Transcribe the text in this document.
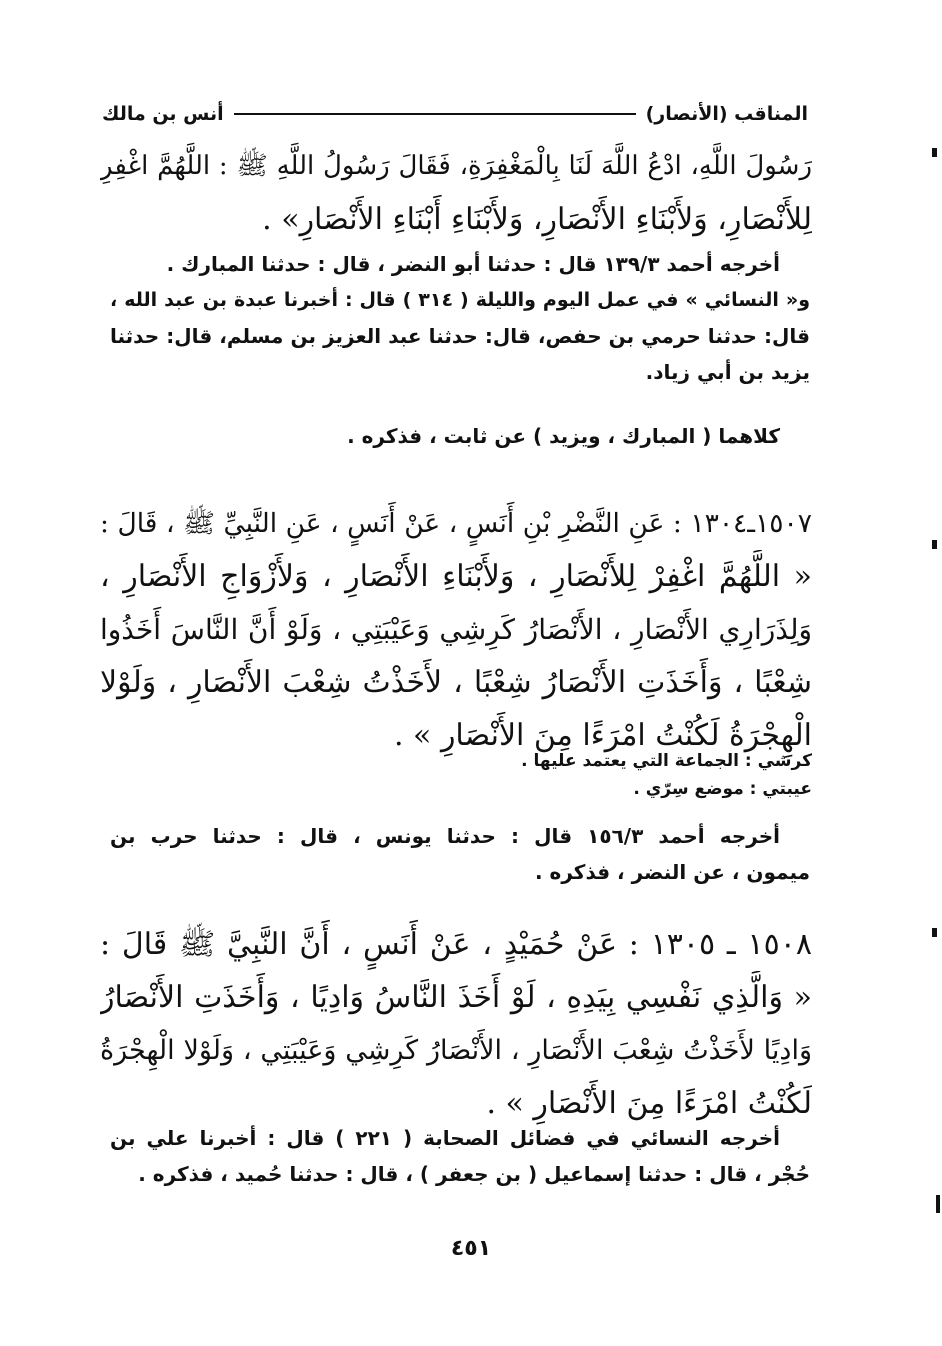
المناقب (الأنصار)
أنس بن مالك
رَسُولَ اللَّهِ، ادْعُ اللَّهَ لَنَا بِالْمَغْفِرَةِ، فَقَالَ رَسُولُ اللَّهِ ﷺ : اللَّهُمَّ اغْفِرِ
لِلأَنْصَارِ، وَلأَبْنَاءِ الأَنْصَارِ، وَلأَبْنَاءِ أَبْنَاءِ الأَنْصَارِ» .
أخرجه أحمد ١٣٩/٣ قال : حدثنا أبو النضر ، قال : حدثنا المبارك .
و« النسائي » في عمل اليوم والليلة ( ٣١٤ ) قال : أخبرنا عبدة بن عبد الله ،
قال: حدثنا حرمي بن حفص، قال: حدثنا عبد العزيز بن مسلم، قال: حدثنا
يزيد بن أبي زياد.
كلاهما ( المبارك ، ويزيد ) عن ثابت ، فذكره .
١٥٠٧ـ١٣٠٤ : عَنِ النَّضْرِ بْنِ أَنَسٍ ، عَنْ أَنَسٍ ، عَنِ النَّبِيِّ ﷺ ، قَالَ :
« اللَّهُمَّ اغْفِرْ لِلأَنْصَارِ ، وَلأَبْنَاءِ الأَنْصَارِ ، وَلأَزْوَاجِ الأَنْصَارِ ،
وَلِذَرَارِي الأَنْصَارِ ، الأَنْصَارُ كَرِشِي وَعَيْبَتِي ، وَلَوْ أَنَّ النَّاسَ أَخَذُوا
شِعْبًا ، وَأَخَذَتِ الأَنْصَارُ شِعْبًا ، لأَخَذْتُ شِعْبَ الأَنْصَارِ ، وَلَوْلا
الْهِجْرَةُ لَكُنْتُ امْرَءًا مِنَ الأَنْصَارِ » .
كرشي : الجماعة التي يعتمد عليها .
عيبتي : موضع سِرّي .
أخرجه أحمد ١٥٦/٣ قال : حدثنا يونس ، قال : حدثنا حرب بن
ميمون ، عن النضر ، فذكره .
١٥٠٨ ـ ١٣٠٥ : عَنْ حُمَيْدٍ ، عَنْ أَنَسٍ ، أَنَّ النَّبِيَّ ﷺ قَالَ :
« وَالَّذِي نَفْسِي بِيَدِهِ ، لَوْ أَخَذَ النَّاسُ وَادِيًا ، وَأَخَذَتِ الأَنْصَارُ
وَادِيًا لأَخَذْتُ شِعْبَ الأَنْصَارِ ، الأَنْصَارُ كَرِشِي وَعَيْبَتِي ، وَلَوْلا الْهِجْرَةُ
لَكُنْتُ امْرَءًا مِنَ الأَنْصَارِ » .
أخرجه النسائي في فضائل الصحابة ( ٢٢١ ) قال : أخبرنا علي بن
حُجْر ، قال : حدثنا إسماعيل ( بن جعفر ) ، قال : حدثنا حُميد ، فذكره .
٤٥١
